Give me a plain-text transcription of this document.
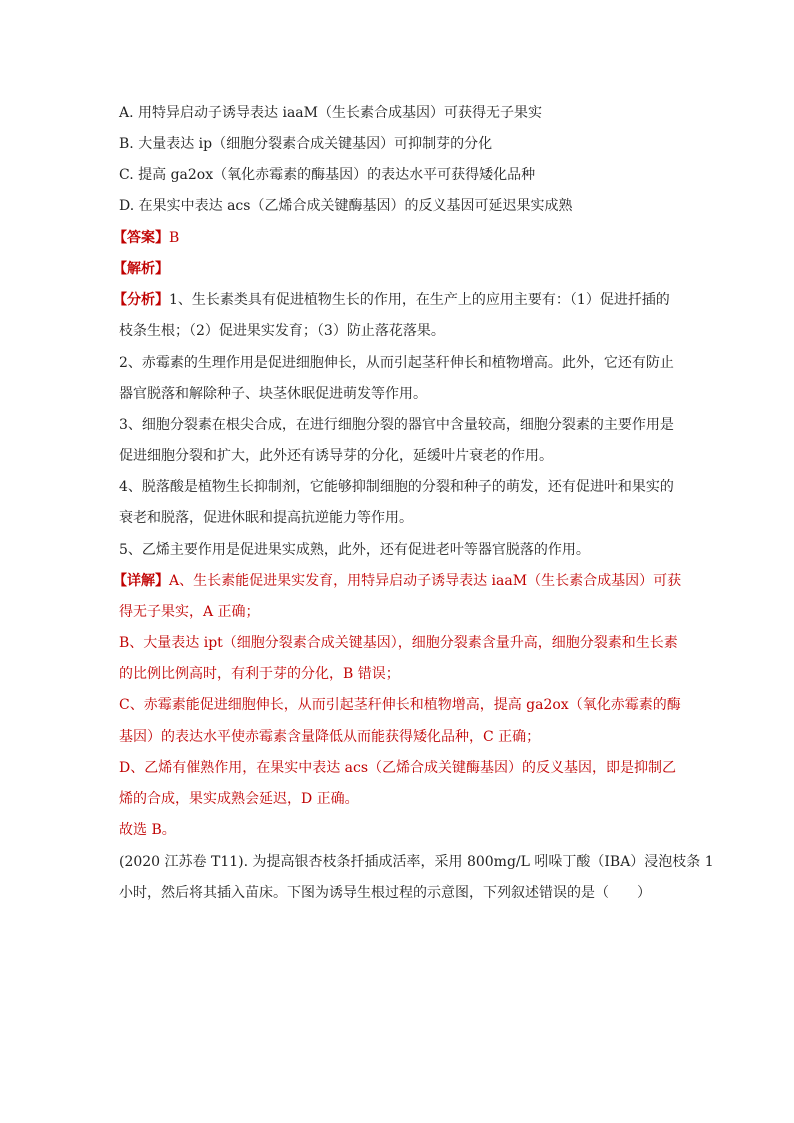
A. 用特异启动子诱导表达 iaaM（生长素合成基因）可获得无子果实
B. 大量表达 ip（细胞分裂素合成关键基因）可抑制芽的分化
C. 提高 ga2ox（氧化赤霉素的酶基因）的表达水平可获得矮化品种
D. 在果实中表达 acs（乙烯合成关键酶基因）的反义基因可延迟果实成熟
【答案】B
【解析】
【分析】1、生长素类具有促进植物生长的作用，在生产上的应用主要有：（1）促进扦插的
枝条生根；（2）促进果实发育；（3）防止落花落果。
2、赤霉素的生理作用是促进细胞伸长，从而引起茎秆伸长和植物增高。此外，它还有防止
器官脱落和解除种子、块茎休眠促进萌发等作用。
3、细胞分裂素在根尖合成，在进行细胞分裂的器官中含量较高，细胞分裂素的主要作用是
促进细胞分裂和扩大，此外还有诱导芽的分化，延缓叶片衰老的作用。
4、脱落酸是植物生长抑制剂，它能够抑制细胞的分裂和种子的萌发，还有促进叶和果实的
衰老和脱落，促进休眠和提高抗逆能力等作用。
5、乙烯主要作用是促进果实成熟，此外，还有促进老叶等器官脱落的作用。
【详解】A、生长素能促进果实发育，用特异启动子诱导表达 iaaM（生长素合成基因）可获
得无子果实，A 正确；
B、大量表达 ipt（细胞分裂素合成关键基因），细胞分裂素含量升高，细胞分裂素和生长素
的比例比例高时，有利于芽的分化，B 错误；
C、赤霉素能促进细胞伸长，从而引起茎秆伸长和植物增高，提高 ga2ox（氧化赤霉素的酶
基因）的表达水平使赤霉素含量降低从而能获得矮化品种，C 正确；
D、乙烯有催熟作用，在果实中表达 acs（乙烯合成关键酶基因）的反义基因，即是抑制乙
烯的合成，果实成熟会延迟，D 正确。
故选 B。
(2020 江苏卷 T11). 为提高银杏枝条扦插成活率，采用 800mg/L 吲哚丁酸（IBA）浸泡枝条 1
小时，然后将其插入苗床。下图为诱导生根过程的示意图，下列叙述错误的是（　　）
